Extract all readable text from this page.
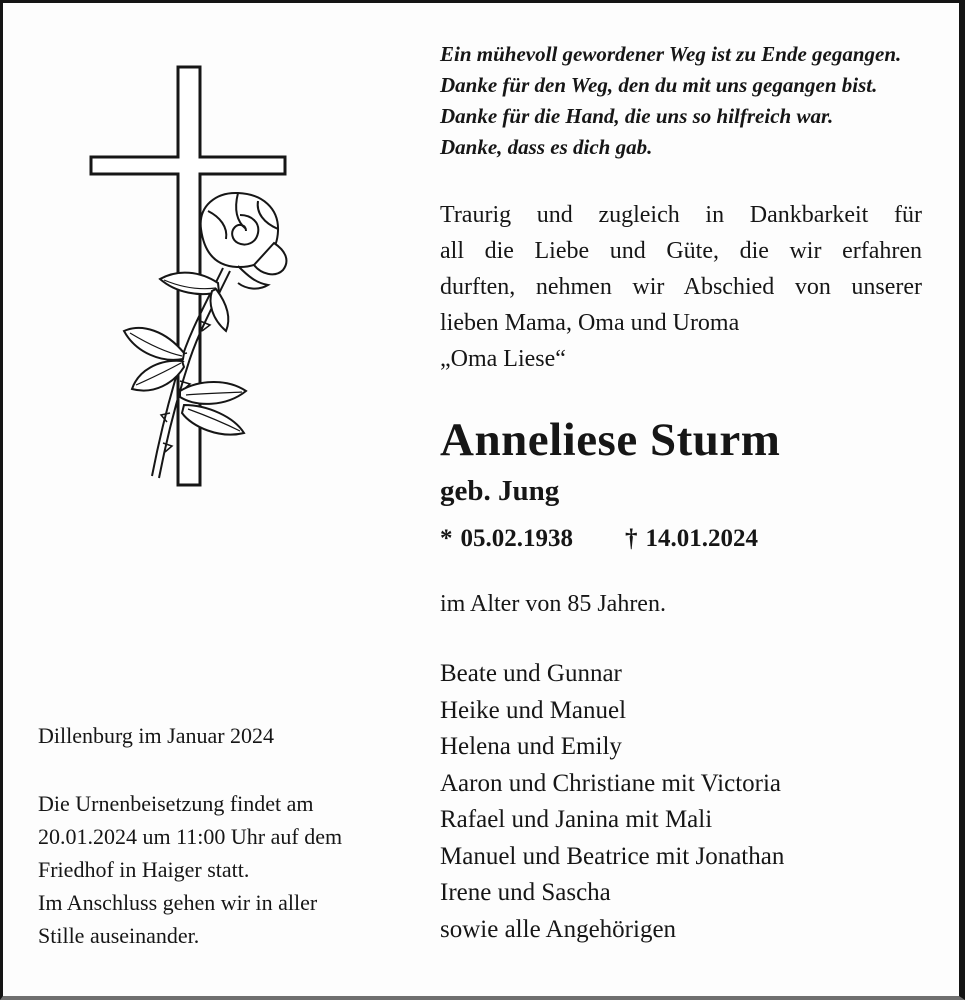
Ein mühevoll gewordener Weg ist zu Ende gegangen.
Danke für den Weg, den du mit uns gegangen bist.
Danke für die Hand, die uns so hilfreich war.
Danke, dass es dich gab.
Traurig und zugleich in Dankbarkeit für
all die Liebe und Güte, die wir erfahren
durften, nehmen wir Abschied von unserer
lieben Mama, Oma und Uroma
„Oma Liese“
Anneliese Sturm
geb. Jung
* 05.02.1938 † 14.01.2024
im Alter von 85 Jahren.
Beate und Gunnar
Heike und Manuel
Helena und Emily
Aaron und Christiane mit Victoria
Rafael und Janina mit Mali
Manuel und Beatrice mit Jonathan
Irene und Sascha
sowie alle Angehörigen
Dillenburg im Januar 2024
Die Urnenbeisetzung findet am
20.01.2024 um 11:00 Uhr auf dem
Friedhof in Haiger statt.
Im Anschluss gehen wir in aller
Stille auseinander.
